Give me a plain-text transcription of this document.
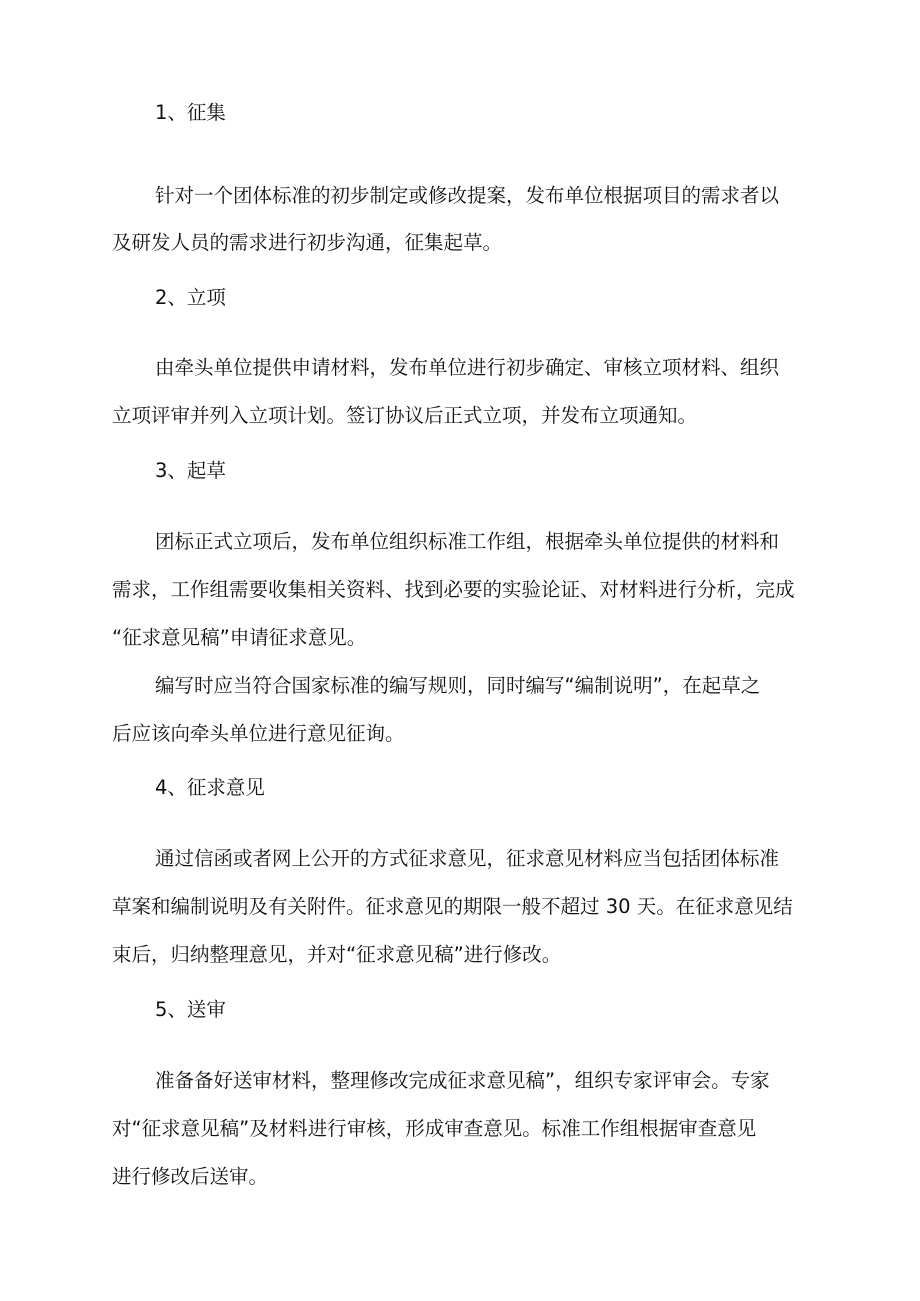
1、征集
针对一个团体标准的初步制定或修改提案，发布单位根据项目的需求者以
及研发人员的需求进行初步沟通，征集起草。
2、立项
由牵头单位提供申请材料，发布单位进行初步确定、审核立项材料、组织
立项评审并列入立项计划。签订协议后正式立项，并发布立项通知。
3、起草
团标正式立项后，发布单位组织标准工作组，根据牵头单位提供的材料和
需求，工作组需要收集相关资料、找到必要的实验论证、对材料进行分析，完成
“征求意见稿”申请征求意见。
编写时应当符合国家标准的编写规则，同时编写“编制说明”，在起草之
后应该向牵头单位进行意见征询。
4、征求意见
通过信函或者网上公开的方式征求意见，征求意见材料应当包括团体标准
草案和编制说明及有关附件。征求意见的期限一般不超过 30 天。在征求意见结
束后，归纳整理意见，并对“征求意见稿”进行修改。
5、送审
准备备好送审材料，整理修改完成征求意见稿”，组织专家评审会。专家
对“征求意见稿”及材料进行审核，形成审查意见。标准工作组根据审查意见
进行修改后送审。
